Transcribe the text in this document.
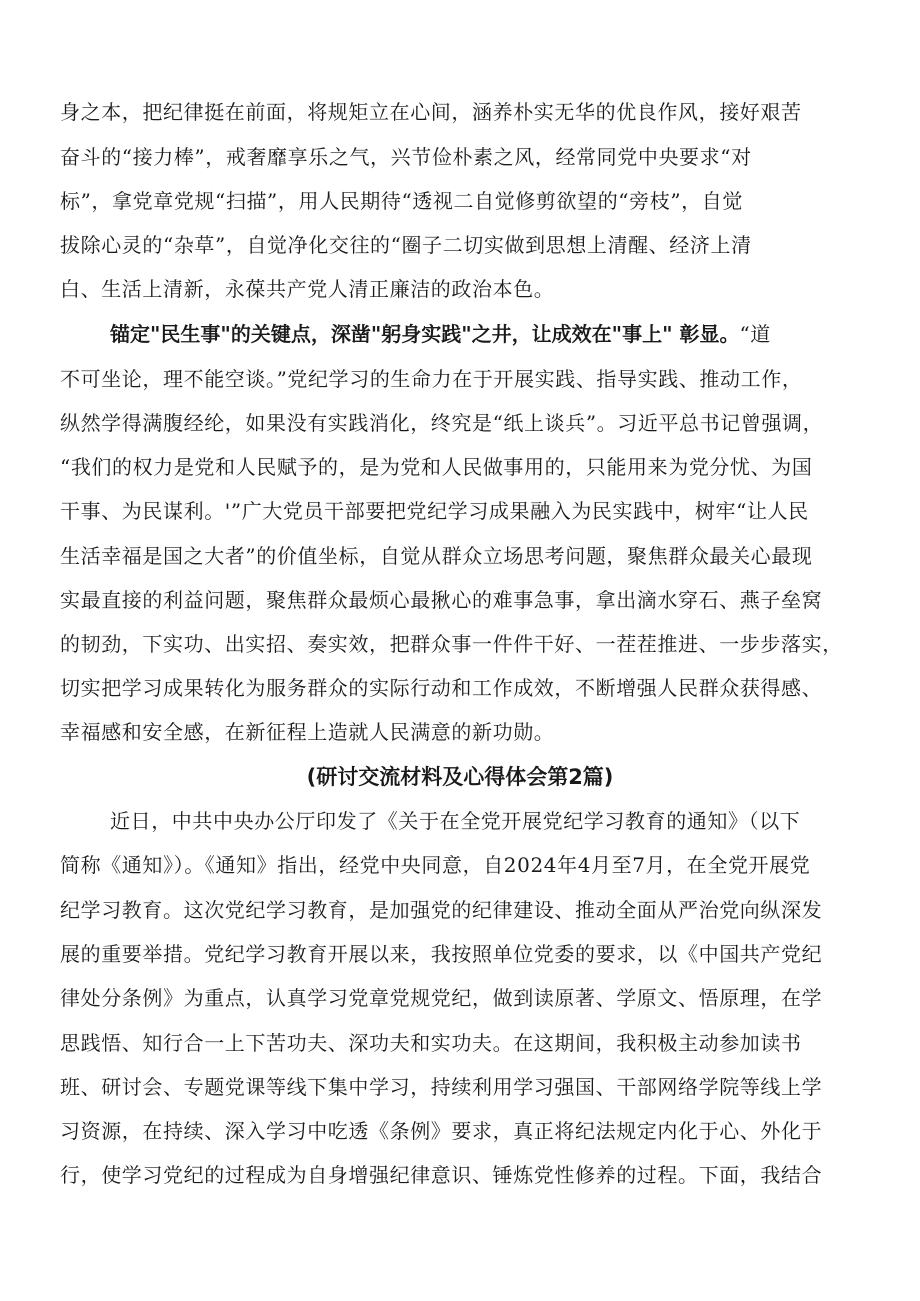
身之本，把纪律挺在前面，将规矩立在心间，涵养朴实无华的优良作风，接好艰苦
奋斗的“接力棒”，戒奢靡享乐之气，兴节俭朴素之风，经常同党中央要求“对
标”，拿党章党规“扫描”，用人民期待“透视二自觉修剪欲望的“旁枝”，自觉
拔除心灵的“杂草”，自觉净化交往的“圈子二切实做到思想上清醒、经济上清
白、生活上清新，永葆共产党人清正廉洁的政治本色。
锚定"民生事"的关键点，深凿"躬身实践"之井，让成效在"事上" 彰显。“道
不可坐论，理不能空谈。”党纪学习的生命力在于开展实践、指导实践、推动工作，
纵然学得满腹经纶，如果没有实践消化，终究是“纸上谈兵”。习近平总书记曾强调，
“我们的权力是党和人民赋予的，是为党和人民做事用的，只能用来为党分忧、为国
干事、为民谋利。'”广大党员干部要把党纪学习成果融入为民实践中，树牢“让人民
生活幸福是国之大者”的价值坐标，自觉从群众立场思考问题，聚焦群众最关心最现
实最直接的利益问题，聚焦群众最烦心最揪心的难事急事，拿出滴水穿石、燕子垒窝
的韧劲，下实功、出实招、奏实效，把群众事一件件干好、一茬茬推进、一步步落实，
切实把学习成果转化为服务群众的实际行动和工作成效，不断增强人民群众获得感、
幸福感和安全感，在新征程上造就人民满意的新功勋。
(研讨交流材料及心得体会第2篇)
近日，中共中央办公厅印发了《关于在全党开展党纪学习教育的通知》（以下
简称《通知》）。《通知》指出，经党中央同意，自2024年4月至7月，在全党开展党
纪学习教育。这次党纪学习教育，是加强党的纪律建设、推动全面从严治党向纵深发
展的重要举措。党纪学习教育开展以来，我按照单位党委的要求，以《中国共产党纪
律处分条例》为重点，认真学习党章党规党纪，做到读原著、学原文、悟原理，在学
思践悟、知行合一上下苦功夫、深功夫和实功夫。在这期间，我积极主动参加读书
班、研讨会、专题党课等线下集中学习，持续利用学习强国、干部网络学院等线上学
习资源，在持续、深入学习中吃透《条例》要求，真正将纪法规定内化于心、外化于
行，使学习党纪的过程成为自身增强纪律意识、锤炼党性修养的过程。下面，我结合
